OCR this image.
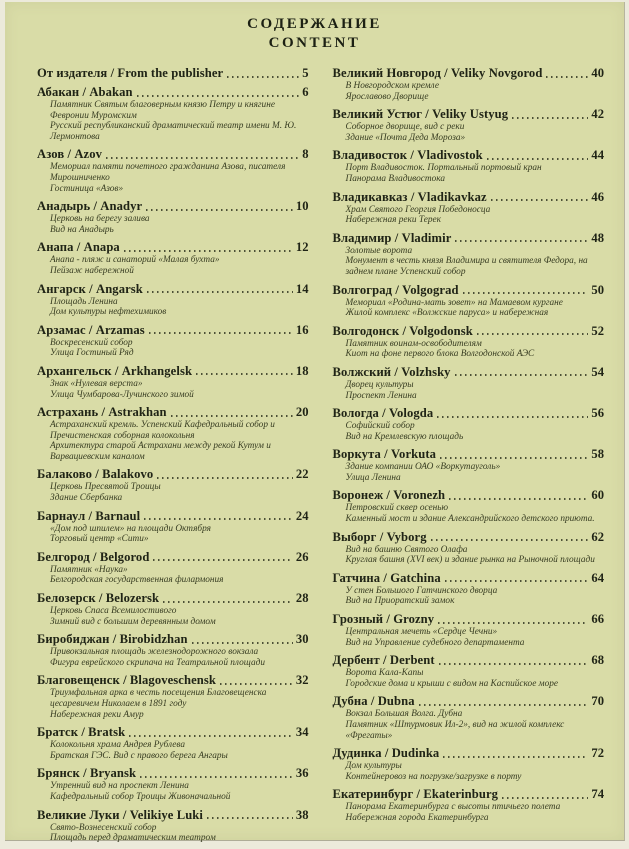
СОДЕРЖАНИЕ
CONTENT
От издателя / From the publisher	5
Абакан / Abakan	6
Памятник Святым благоверным князю Петру и княгине Февронии Муромским
Русский республиканский драматический театр имени М. Ю. Лермонтова
Азов / Azov	8
Мемориал памяти почетного гражданина Азова, писателя Мирошниченко
Гостиница «Азов»
Анадырь / Anadyr	10
Церковь на берегу залива
Вид на Анадырь
Анапа / Anapa	12
Анапа - пляж и санаторий «Малая бухта»
Пейзаж набережной
Ангарск / Angarsk	14
Площадь Ленина
Дом культуры нефтехимиков
Арзамас / Arzamas	16
Воскресенский собор
Улица Гостиный Ряд
Архангельск / Arkhangelsk	18
Знак «Нулевая верста»
Улица Чумбарова-Лучинского зимой
Астрахань / Astrakhan	20
Астраханский кремль. Успенский Кафедральный собор и Пречистенская соборная колокольня
Архитектура старой Астрахани между рекой Кутум и Варвациевским каналом
Балаково / Balakovo	22
Церковь Пресвятой Троицы
Здание Сбербанка
Барнаул / Barnaul	24
«Дом под шпилем» на площади Октября
Торговый центр «Сити»
Белгород / Belgorod	26
Памятник «Наука»
Белгородская государственная филармония
Белозерск / Belozersk	28
Церковь Спаса Всемилостивого
Зимний вид с большим деревянным домом
Биробиджан / Birobidzhan	30
Привокзальная площадь железнодорожного вокзала
Фигура еврейского скрипача на Театральной площади
Благовещенск / Blagoveschensk	32
Триумфальная арка в честь посещения Благовещенска цесаревичем Николаем в 1891 году
Набережная реки Амур
Братск / Bratsk	34
Колокольня храма Андрея Рублева
Братская ГЭС. Вид с правого берега Ангары
Брянск / Bryansk	36
Утренний вид на проспект Ленина
Кафедральный собор Троицы Живоначальной
Великие Луки / Velikiye Luki	38
Свято-Вознесенский собор
Площадь перед драматическим театром
Великий Новгород / Veliky Novgorod	40
В Новгородском кремле
Ярославово Дворище
Великий Устюг / Veliky Ustyug	42
Соборное дворище, вид с реки
Здание «Почта Деда Мороза»
Владивосток / Vladivostok	44
Порт Владивосток. Портальный портовый кран
Панорама Владивостока
Владикавказ / Vladikavkaz	46
Храм Святого Георгия Победоносца
Набережная реки Терек
Владимир / Vladimir	48
Золотые ворота
Монумент в честь князя Владимира и святителя Федора, на заднем плане Успенский собор
Волгоград / Volgograd	50
Мемориал «Родина-мать зовет» на Мамаевом кургане
Жилой комплекс «Волжские паруса» и набережная
Волгодонск / Volgodonsk	52
Памятник воинам-освободителям
Киот на фоне первого блока Волгодонской АЭС
Волжский / Volzhsky	54
Дворец культуры
Проспект Ленина
Вологда / Vologda	56
Софийский собор
Вид на Кремлевскую площадь
Воркута / Vorkuta	58
Здание компании ОАО «Воркутауголь»
Улица Ленина
Воронеж / Voronezh	60
Петровский сквер осенью
Каменный мост и здание Александрийского детского приюта.
Выборг / Vyborg	62
Вид на башню Святого Олафа
Круглая башня (XVI век) и здание рынка на Рыночной площади
Гатчина / Gatchina	64
У стен Большого Гатчинского дворца
Вид на Приоратский замок
Грозный / Grozny	66
Центральная мечеть «Сердце Чечни»
Вид на Управление судебного департамента
Дербент / Derbent	68
Ворота Кала-Капы
Городские дома и крыши с видом на Каспийское море
Дубна / Dubna	70
Вокзал Большая Волга. Дубна
Памятник «Штурмовик Ил-2», вид на жилой комплекс «Фрегаты»
Дудинка / Dudinka	72
Дом культуры
Контейнеровоз на погрузке/загрузке в порту
Екатеринбург / Ekaterinburg	74
Панорама Екатеринбурга с высоты птичьего полета
Набережная города Екатеринбурга
